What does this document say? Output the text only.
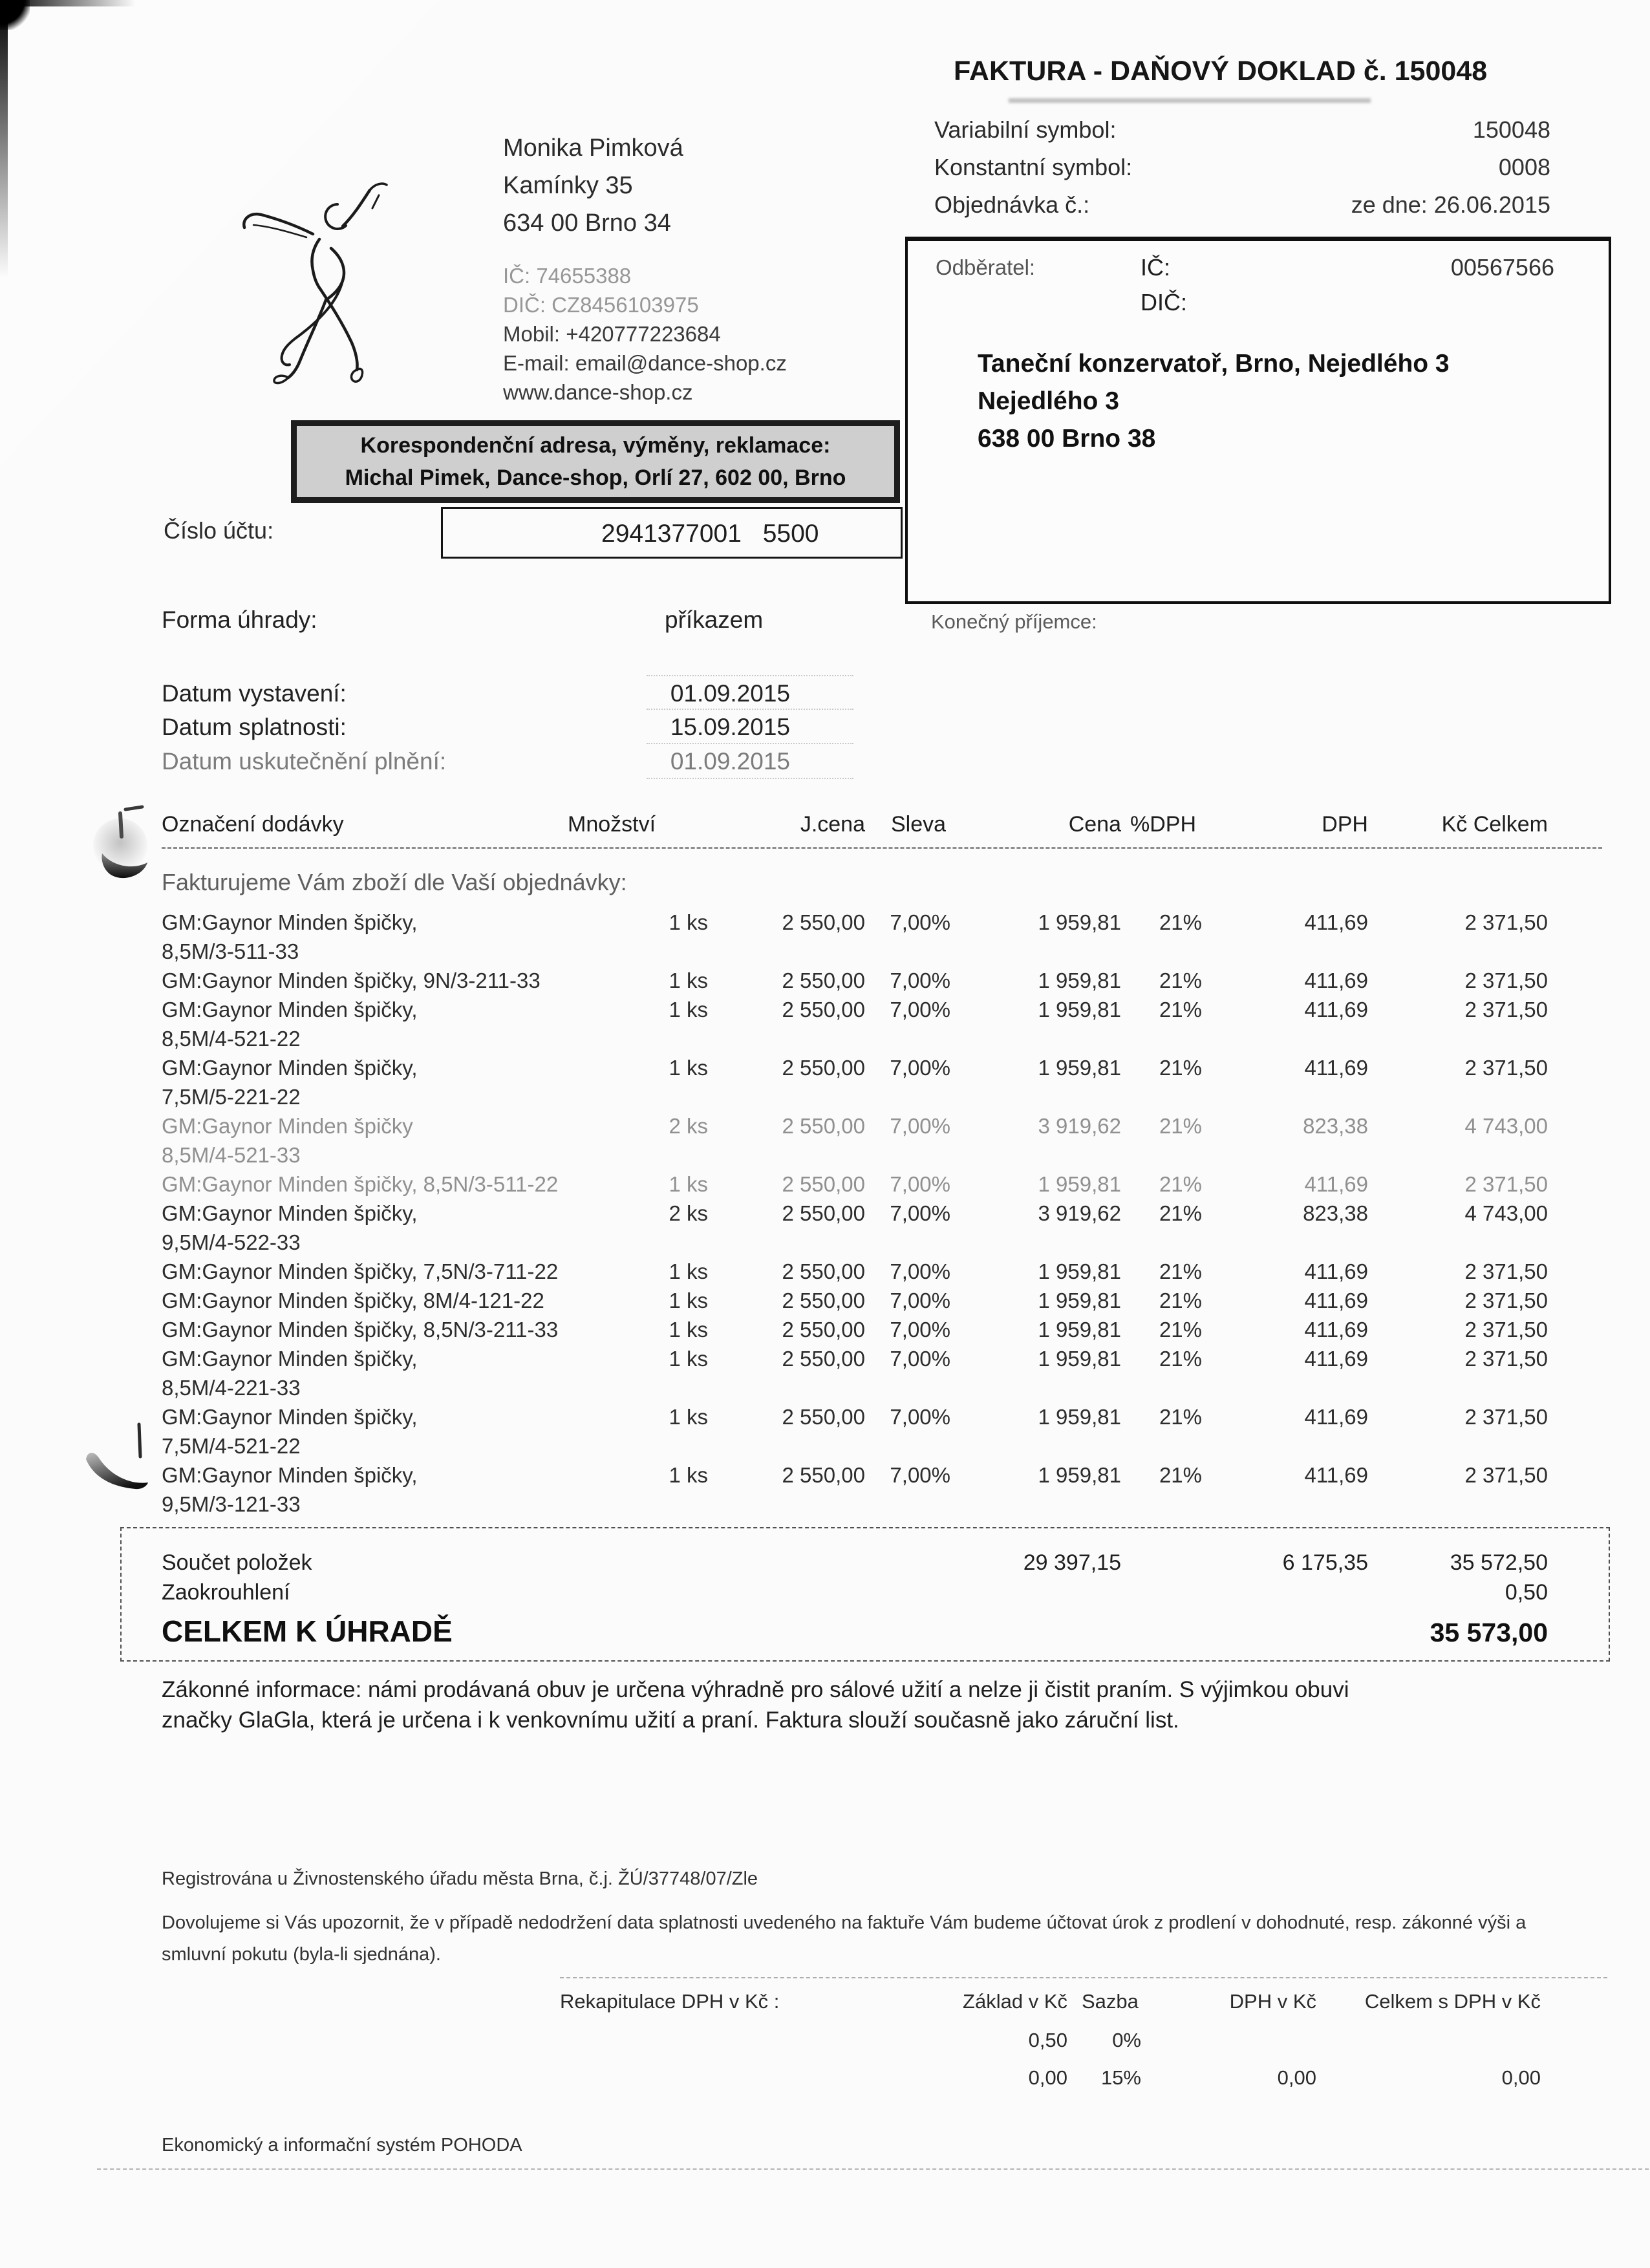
FAKTURA - DAŇOVÝ DOKLAD č. 150048
Variabilní symbol:	150048
Konstantní symbol:	0008
Objednávka č.:	ze dne: 26.06.2015
Monika Pimková
Kamínky 35
634 00 Brno 34
IČ: 74655388
DIČ: CZ8456103975
Mobil: +420777223684
E-mail: email@dance-shop.cz
www.dance-shop.cz
Korespondenční adresa, výměny, reklamace:
Michal Pimek, Dance-shop, Orlí 27, 602 00, Brno
Číslo účtu:	2941377001 5500
Odběratel:	IČ:	00567566
DIČ:
Taneční konzervatoř, Brno, Nejedlého 3
Nejedlého 3
638 00 Brno 38
Forma úhrady:	příkazem	Konečný příjemce:
Datum vystavení:	01.09.2015
Datum splatnosti:	15.09.2015
Datum uskutečnění plnění:	01.09.2015
Označení dodávky	Množství	J.cena Sleva	Cena %DPH	DPH	Kč Celkem
Fakturujeme Vám zboží dle Vaší objednávky:
GM:Gaynor Minden špičky,
8,5M/3-511-33
1 ks	2 550,00 7,00%	1 959,81 21%	411,69	2 371,50
GM:Gaynor Minden špičky, 9N/3-211-33	1 ks	2 550,00 7,00%	1 959,81 21%	411,69	2 371,50
GM:Gaynor Minden špičky,
8,5M/4-521-22
1 ks	2 550,00 7,00%	1 959,81 21%	411,69	2 371,50
GM:Gaynor Minden špičky,
7,5M/5-221-22
1 ks	2 550,00 7,00%	1 959,81 21%	411,69	2 371,50
GM:Gaynor Minden špičky
8,5M/4-521-33
2 ks	2 550,00 7,00%	3 919,62 21%	823,38	4 743,00
GM:Gaynor Minden špičky, 8,5N/3-511-22	1 ks	2 550,00 7,00%	1 959,81 21%	411,69	2 371,50
GM:Gaynor Minden špičky,
9,5M/4-522-33
2 ks	2 550,00 7,00%	3 919,62 21%	823,38	4 743,00
GM:Gaynor Minden špičky, 7,5N/3-711-22	1 ks	2 550,00 7,00%	1 959,81 21%	411,69	2 371,50
GM:Gaynor Minden špičky, 8M/4-121-22	1 ks	2 550,00 7,00%	1 959,81 21%	411,69	2 371,50
GM:Gaynor Minden špičky, 8,5N/3-211-33	1 ks	2 550,00 7,00%	1 959,81 21%	411,69	2 371,50
GM:Gaynor Minden špičky,
8,5M/4-221-33
1 ks	2 550,00 7,00%	1 959,81 21%	411,69	2 371,50
GM:Gaynor Minden špičky,
7,5M/4-521-22
1 ks	2 550,00 7,00%	1 959,81 21%	411,69	2 371,50
GM:Gaynor Minden špičky,
9,5M/3-121-33
1 ks	2 550,00 7,00%	1 959,81 21%	411,69	2 371,50
Součet položek	29 397,15	6 175,35	35 572,50
Zaokrouhlení	0,50
CELKEM K ÚHRADĚ	35 573,00
Zákonné informace: námi prodávaná obuv je určena výhradně pro sálové užití a nelze ji čistit praním. S výjimkou obuvi
značky GlaGla, která je určena i k venkovnímu užití a praní. Faktura slouží současně jako záruční list.
Registrována u Živnostenského úřadu města Brna, č.j. ŽÚ/37748/07/Zle
Dovolujeme si Vás upozornit, že v případě nedodržení data splatnosti uvedeného na faktuře Vám budeme účtovat úrok z prodlení v dohodnuté, resp. zákonné výši a
smluvní pokutu (byla-li sjednána).
Rekapitulace DPH v Kč :	Základ v Kč Sazba	DPH v Kč Celkem s DPH v Kč
0,50 0%
0,00 15%	0,00	0,00
Ekonomický a informační systém POHODA
